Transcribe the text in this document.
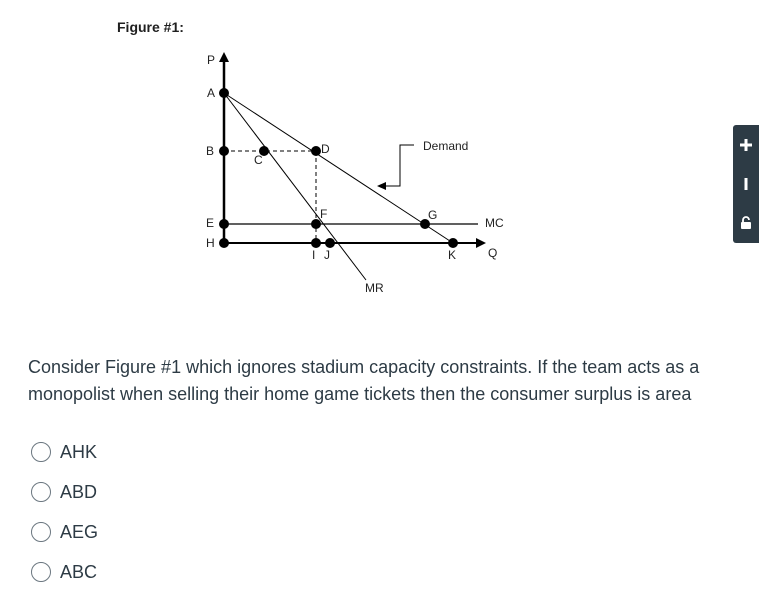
Figure #1:
P
Q
A
B
C
D
E
F	G
H
I J	K
Demand
MC
MR
Consider Figure #1 which ignores stadium capacity constraints. If the team acts as a monopolist when selling their home game tickets then the consumer surplus is area
AHK
ABD
AEG
ABC
